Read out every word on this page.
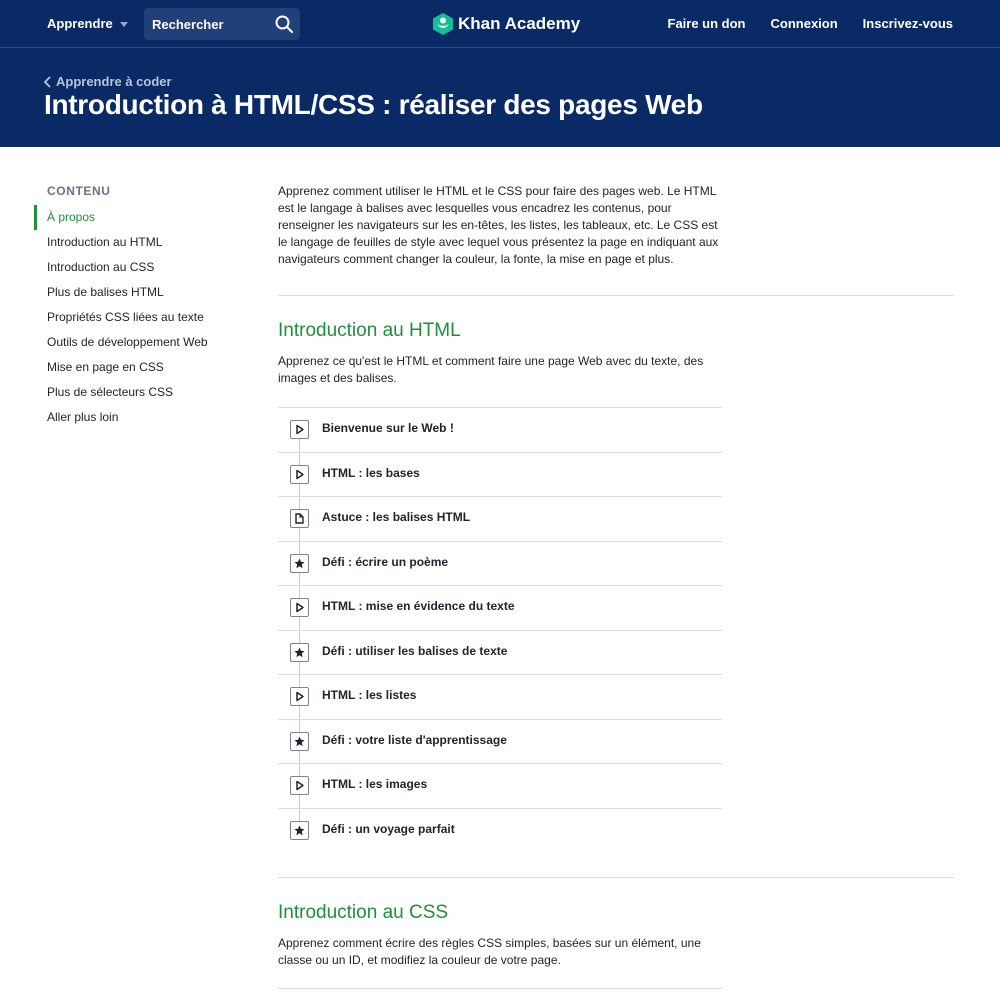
Apprendre
Rechercher	Khan Academy	Faire un don Connexion Inscrivez-vous
Apprendre à coder
Introduction à HTML/CSS : réaliser des pages Web
CONTENU
À propos
Introduction au HTML
Introduction au CSS
Plus de balises HTML
Propriétés CSS liées au texte
Outils de développement Web
Mise en page en CSS
Plus de sélecteurs CSS
Aller plus loin

Apprenez comment utiliser le HTML et le CSS pour faire des pages web. Le HTML est le langage à balises avec lesquelles vous encadrez les contenus, pour renseigner les navigateurs sur les en-têtes, les listes, les tableaux, etc. Le CSS est le langage de feuilles de style avec lequel vous présentez la page en indiquant aux navigateurs comment changer la couleur, la fonte, la mise en page et plus.

Introduction au HTML

Apprenez ce qu'est le HTML et comment faire une page Web avec du texte, des images et des balises.

Bienvenue sur le Web !
HTML : les bases
Astuce : les balises HTML
Défi : écrire un poème
HTML : mise en évidence du texte
Défi : utiliser les balises de texte
HTML : les listes
Défi : votre liste d'apprentissage
HTML : les images
Défi : un voyage parfait
Introduction au CSS

Apprenez comment écrire des règles CSS simples, basées sur un élément, une classe ou un ID, et modifiez la couleur de votre page.
